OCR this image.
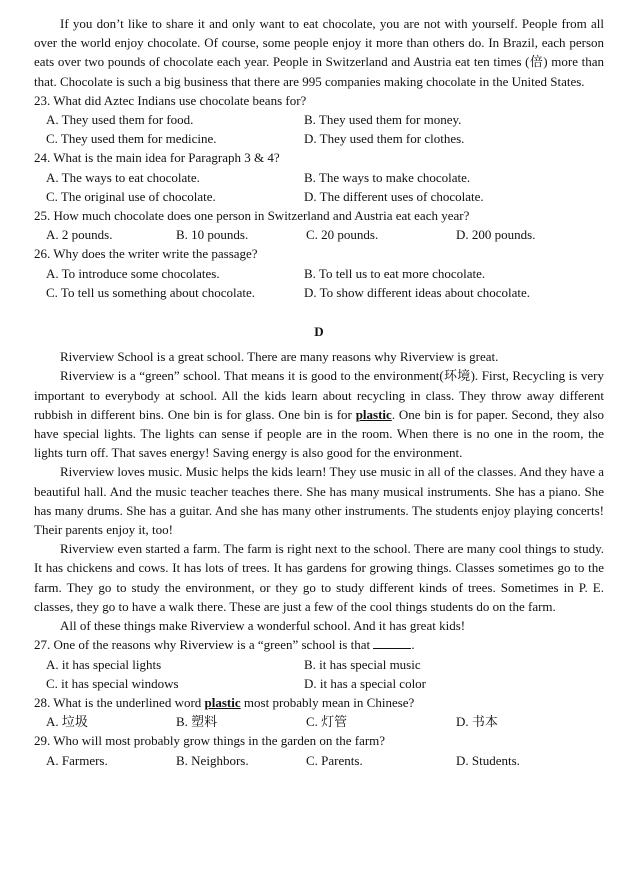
If you don’t like to share it and only want to eat chocolate, you are not with yourself. People from all over the world enjoy chocolate. Of course, some people enjoy it more than others do. In Brazil, each person eats over two pounds of chocolate each year. People in Switzerland and Austria eat ten times (倍) more than that. Chocolate is such a big business that there are 995 companies making chocolate in the United States.

23. What did Aztec Indians use chocolate beans for?
A. They used them for food.	B. They used them for money.
C. They used them for medicine.	D. They used them for clothes.
24. What is the main idea for Paragraph 3 & 4?
A. The ways to eat chocolate.	B. The ways to make chocolate.
C. The original use of chocolate.	D. The different uses of chocolate.
25. How much chocolate does one person in Switzerland and Austria eat each year?
A. 2 pounds.	B. 10 pounds.	C. 20 pounds.	D. 200 pounds.
26. Why does the writer write the passage?
A. To introduce some chocolates.	B. To tell us to eat more chocolate.
C. To tell us something about chocolate.	D. To show different ideas about chocolate.
D

Riverview School is a great school. There are many reasons why Riverview is great.

Riverview is a “green” school. That means it is good to the environment(环境). First, Recycling is very important to everybody at school. All the kids learn about recycling in class. They throw away different rubbish in different bins. One bin is for glass. One bin is for plastic. One bin is for paper. Second, they also have special lights. The lights can sense if people are in the room. When there is no one in the room, the lights turn off. That saves energy! Saving energy is also good for the environment.

Riverview loves music. Music helps the kids learn! They use music in all of the classes. And they have a beautiful hall. And the music teacher teaches there. She has many musical instruments. She has a piano. She has many drums. She has a guitar. And she has many other instruments. The students enjoy playing concerts! Their parents enjoy it, too!

Riverview even started a farm. The farm is right next to the school. There are many cool things to study. It has chickens and cows. It has lots of trees. It has gardens for growing things. Classes sometimes go to the farm. They go to study the environment, or they go to study different kinds of trees. Sometimes in P. E. classes, they go to have a walk there. These are just a few of the cool things students do on the farm.

All of these things make Riverview a wonderful school. And it has great kids!

27. One of the reasons why Riverview is a “green” school is that	.
A. it has special lights	B. it has special music
C. it has special windows	D. it has a special color
28. What is the underlined word plastic most probably mean in Chinese?
A. 垃圾	B. 塑料	C. 灯管	D. 书本
29. Who will most probably grow things in the garden on the farm?
A. Farmers.	B. Neighbors.	C. Parents.	D. Students.
